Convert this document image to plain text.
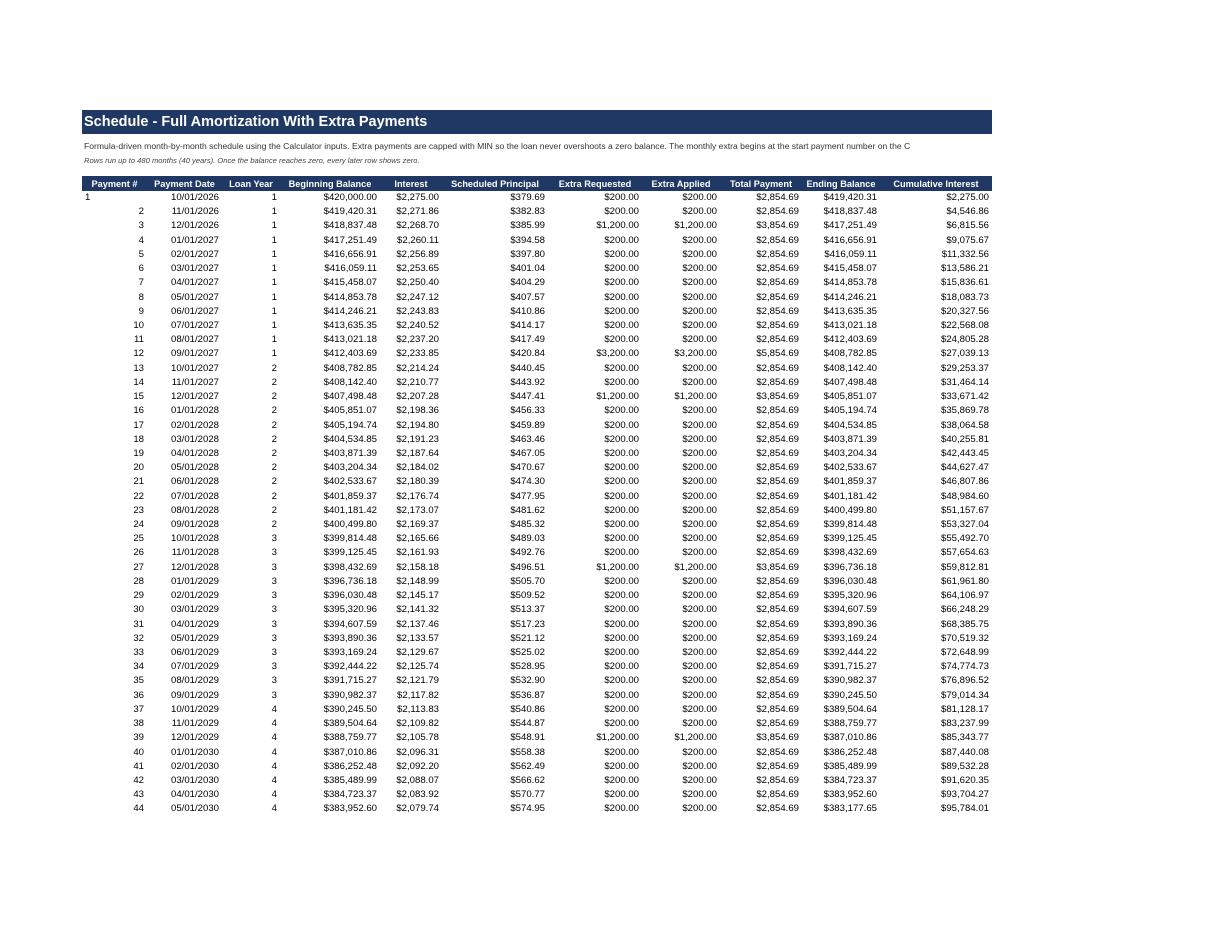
Schedule - Full Amortization With Extra Payments
Formula-driven month-by-month schedule using the Calculator inputs. Extra payments are capped with MIN so the loan never overshoots a zero balance. The monthly extra begins at the start payment number on the C
Rows run up to 480 months (40 years). Once the balance reaches zero, every later row shows zero.
Payment #	Payment Date	Loan Year	Beginning Balance	Interest	Scheduled Principal	Extra Requested	Extra Applied	Total Payment	Ending Balance	Cumulative Interest
1	10/01/2026	1	$420,000.00	$2,275.00	$379.69	$200.00	$200.00	$2,854.69	$419,420.31	$2,275.00
2	11/01/2026	1	$419,420.31	$2,271.86	$382.83	$200.00	$200.00	$2,854.69	$418,837.48	$4,546.86
3	12/01/2026	1	$418,837.48	$2,268.70	$385.99	$1,200.00	$1,200.00	$3,854.69	$417,251.49	$6,815.56
4	01/01/2027	1	$417,251.49	$2,260.11	$394.58	$200.00	$200.00	$2,854.69	$416,656.91	$9,075.67
5	02/01/2027	1	$416,656.91	$2,256.89	$397.80	$200.00	$200.00	$2,854.69	$416,059.11	$11,332.56
6	03/01/2027	1	$416,059.11	$2,253.65	$401.04	$200.00	$200.00	$2,854.69	$415,458.07	$13,586.21
7	04/01/2027	1	$415,458.07	$2,250.40	$404.29	$200.00	$200.00	$2,854.69	$414,853.78	$15,836.61
8	05/01/2027	1	$414,853.78	$2,247.12	$407.57	$200.00	$200.00	$2,854.69	$414,246.21	$18,083.73
9	06/01/2027	1	$414,246.21	$2,243.83	$410.86	$200.00	$200.00	$2,854.69	$413,635.35	$20,327.56
10	07/01/2027	1	$413,635.35	$2,240.52	$414.17	$200.00	$200.00	$2,854.69	$413,021.18	$22,568.08
11	08/01/2027	1	$413,021.18	$2,237.20	$417.49	$200.00	$200.00	$2,854.69	$412,403.69	$24,805.28
12	09/01/2027	1	$412,403.69	$2,233.85	$420.84	$3,200.00	$3,200.00	$5,854.69	$408,782.85	$27,039.13
13	10/01/2027	2	$408,782.85	$2,214.24	$440.45	$200.00	$200.00	$2,854.69	$408,142.40	$29,253.37
14	11/01/2027	2	$408,142.40	$2,210.77	$443.92	$200.00	$200.00	$2,854.69	$407,498.48	$31,464.14
15	12/01/2027	2	$407,498.48	$2,207.28	$447.41	$1,200.00	$1,200.00	$3,854.69	$405,851.07	$33,671.42
16	01/01/2028	2	$405,851.07	$2,198.36	$456.33	$200.00	$200.00	$2,854.69	$405,194.74	$35,869.78
17	02/01/2028	2	$405,194.74	$2,194.80	$459.89	$200.00	$200.00	$2,854.69	$404,534.85	$38,064.58
18	03/01/2028	2	$404,534.85	$2,191.23	$463.46	$200.00	$200.00	$2,854.69	$403,871.39	$40,255.81
19	04/01/2028	2	$403,871.39	$2,187.64	$467.05	$200.00	$200.00	$2,854.69	$403,204.34	$42,443.45
20	05/01/2028	2	$403,204.34	$2,184.02	$470.67	$200.00	$200.00	$2,854.69	$402,533.67	$44,627.47
21	06/01/2028	2	$402,533.67	$2,180.39	$474.30	$200.00	$200.00	$2,854.69	$401,859.37	$46,807.86
22	07/01/2028	2	$401,859.37	$2,176.74	$477.95	$200.00	$200.00	$2,854.69	$401,181.42	$48,984.60
23	08/01/2028	2	$401,181.42	$2,173.07	$481.62	$200.00	$200.00	$2,854.69	$400,499.80	$51,157.67
24	09/01/2028	2	$400,499.80	$2,169.37	$485.32	$200.00	$200.00	$2,854.69	$399,814.48	$53,327.04
25	10/01/2028	3	$399,814.48	$2,165.66	$489.03	$200.00	$200.00	$2,854.69	$399,125.45	$55,492.70
26	11/01/2028	3	$399,125.45	$2,161.93	$492.76	$200.00	$200.00	$2,854.69	$398,432.69	$57,654.63
27	12/01/2028	3	$398,432.69	$2,158.18	$496.51	$1,200.00	$1,200.00	$3,854.69	$396,736.18	$59,812.81
28	01/01/2029	3	$396,736.18	$2,148.99	$505.70	$200.00	$200.00	$2,854.69	$396,030.48	$61,961.80
29	02/01/2029	3	$396,030.48	$2,145.17	$509.52	$200.00	$200.00	$2,854.69	$395,320.96	$64,106.97
30	03/01/2029	3	$395,320.96	$2,141.32	$513.37	$200.00	$200.00	$2,854.69	$394,607.59	$66,248.29
31	04/01/2029	3	$394,607.59	$2,137.46	$517.23	$200.00	$200.00	$2,854.69	$393,890.36	$68,385.75
32	05/01/2029	3	$393,890.36	$2,133.57	$521.12	$200.00	$200.00	$2,854.69	$393,169.24	$70,519.32
33	06/01/2029	3	$393,169.24	$2,129.67	$525.02	$200.00	$200.00	$2,854.69	$392,444.22	$72,648.99
34	07/01/2029	3	$392,444.22	$2,125.74	$528.95	$200.00	$200.00	$2,854.69	$391,715.27	$74,774.73
35	08/01/2029	3	$391,715.27	$2,121.79	$532.90	$200.00	$200.00	$2,854.69	$390,982.37	$76,896.52
36	09/01/2029	3	$390,982.37	$2,117.82	$536.87	$200.00	$200.00	$2,854.69	$390,245.50	$79,014.34
37	10/01/2029	4	$390,245.50	$2,113.83	$540.86	$200.00	$200.00	$2,854.69	$389,504.64	$81,128.17
38	11/01/2029	4	$389,504.64	$2,109.82	$544.87	$200.00	$200.00	$2,854.69	$388,759.77	$83,237.99
39	12/01/2029	4	$388,759.77	$2,105.78	$548.91	$1,200.00	$1,200.00	$3,854.69	$387,010.86	$85,343.77
40	01/01/2030	4	$387,010.86	$2,096.31	$558.38	$200.00	$200.00	$2,854.69	$386,252.48	$87,440.08
41	02/01/2030	4	$386,252.48	$2,092.20	$562.49	$200.00	$200.00	$2,854.69	$385,489.99	$89,532.28
42	03/01/2030	4	$385,489.99	$2,088.07	$566.62	$200.00	$200.00	$2,854.69	$384,723.37	$91,620.35
43	04/01/2030	4	$384,723.37	$2,083.92	$570.77	$200.00	$200.00	$2,854.69	$383,952.60	$93,704.27
44	05/01/2030	4	$383,952.60	$2,079.74	$574.95	$200.00	$200.00	$2,854.69	$383,177.65	$95,784.01
